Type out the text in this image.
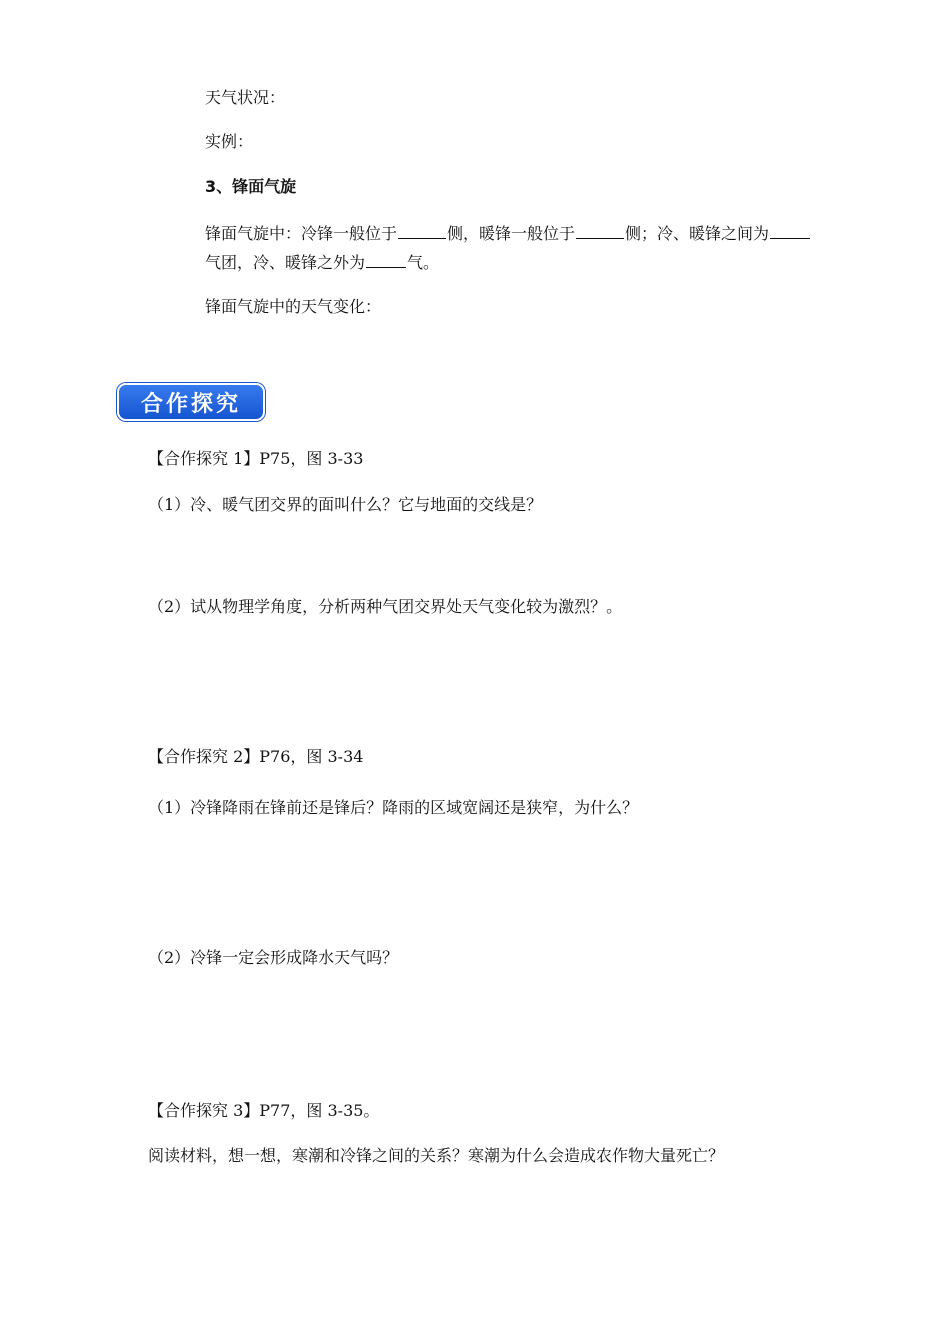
天气状况：
实例：
3、锋面气旋
锋面气旋中：冷锋一般位于	侧，暖锋一般位于	侧；冷、暖锋之间为
气团，冷、暖锋之外为	气。
锋面气旋中的天气变化：
合作探究
【合作探究 1】P75，图 3-33
（1）冷、暖气团交界的面叫什么？它与地面的交线是？
（2）试从物理学角度，分析两种气团交界处天气变化较为激烈？。
【合作探究 2】P76，图 3-34
（1）冷锋降雨在锋前还是锋后？降雨的区域宽阔还是狭窄，为什么？
（2）冷锋一定会形成降水天气吗？
【合作探究 3】P77，图 3-35。
阅读材料，想一想，寒潮和冷锋之间的关系？寒潮为什么会造成农作物大量死亡？
